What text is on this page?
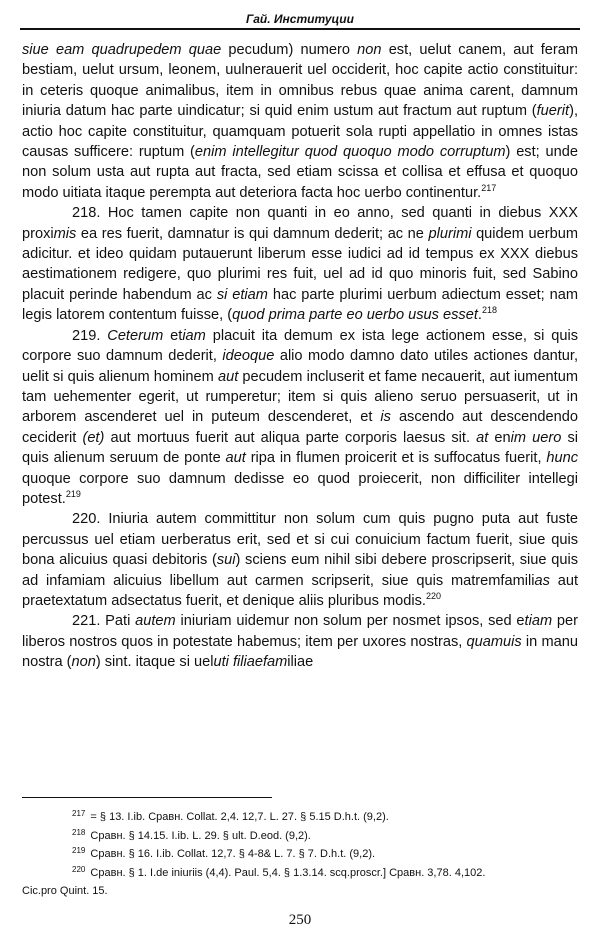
Гай. Институции

siue eam quadrupedem quae pecudum) numero non est, uelut canem, aut feram bestiam, uelut ursum, leonem, uulnerauerit uel occiderit, hoc capite actio constituitur: in ceteris quoque animalibus, item in omnibus rebus quae anima carent, damnum iniuria datum hac parte uindicatur; si quid enim ustum aut fractum aut ruptum (fuerit), actio hoc capite constituitur, quamquam potuerit sola rupti appellatio in omnes istas causas sufficere: ruptum (enim intellegitur quod quoquo modo corruptum) est; unde non solum usta aut rupta aut fracta, sed etiam scissa et collisa et effusa et quoquo modo uitiata itaque perempta aut deteriora facta hoc uerbo continentur.$^{217}$

218. Hoc tamen capite non quanti in eo anno, sed quanti in diebus XXX proximis ea res fuerit, damnatur is qui damnum dederit; ac ne plurimi quidem uerbum adicitur. et ideo quidam putauerunt liberum esse iudici ad id tempus ex XXX diebus aestimationem redigere, quo plurimi res fuit, uel ad id quo minoris fuit, sed Sabino placuit perinde habendum ac si etiam hac parte plurimi uerbum adiectum esset; nam legis latorem contentum fuisse, (quod prima parte eo uerbo usus esset.$^{218}$

219. Ceterum etiam placuit ita demum ex ista lege actionem esse, si quis corpore suo damnum dederit, ideoque alio modo damno dato utiles actiones dantur, uelit si quis alienum hominem aut pecudem incluserit et fame necauerit, aut iumentum tam uehementer egerit, ut rumperetur; item si quis alieno seruo persuaserit, ut in arborem ascenderet uel in puteum descenderet, et is ascendo aut descendendo ceciderit (et) aut mortuus fuerit aut aliqua parte corporis laesus sit. at enim uero si quis alienum seruum de ponte aut ripa in flumen proicerit et is suffocatus fuerit, hunc quoque corpore suo damnum dedisse eo quod proiecerit, non difficiliter intellegi potest.$^{219}$

220. Iniuria autem committitur non solum cum quis pugno puta aut fuste percussus uel etiam uerberatus erit, sed et si cui conuicium factum fuerit, siue quis bona alicuius quasi debitoris (sui) sciens eum nihil sibi debere proscripserit, siue quis ad infamiam alicuius libellum aut carmen scripserit, siue quis matremfamilias aut praetextatum adsectatus fuerit, et denique aliis pluribus modis.$^{220}$

221. Pati autem iniuriam uidemur non solum per nosmet ipsos, sed etiam per liberos nostros quos in potestate habemus; item per uxores nostras, quamuis in manu nostra (non) sint. itaque si ueluti filiaefamiliae

$^{217}$ = § 13. I.ib. Сравн. Collat. 2,4. 12,7. L. 27. § 5.15 D.h.t. (9,2).

$^{218}$ Сравн. § 14.15. I.ib. L. 29. § ult. D.eod. (9,2).

$^{219}$ Сравн. § 16. I.ib. Collat. 12,7. § 4-8& L. 7. § 7. D.h.t. (9,2).

$^{220}$ Сравн. § 1. I.de iniuriis (4,4). Paul. 5,4. § 1.3.14. scq.proscr.] Сравн. 3,78. 4,102.

Cic.pro Quint. 15.

250
